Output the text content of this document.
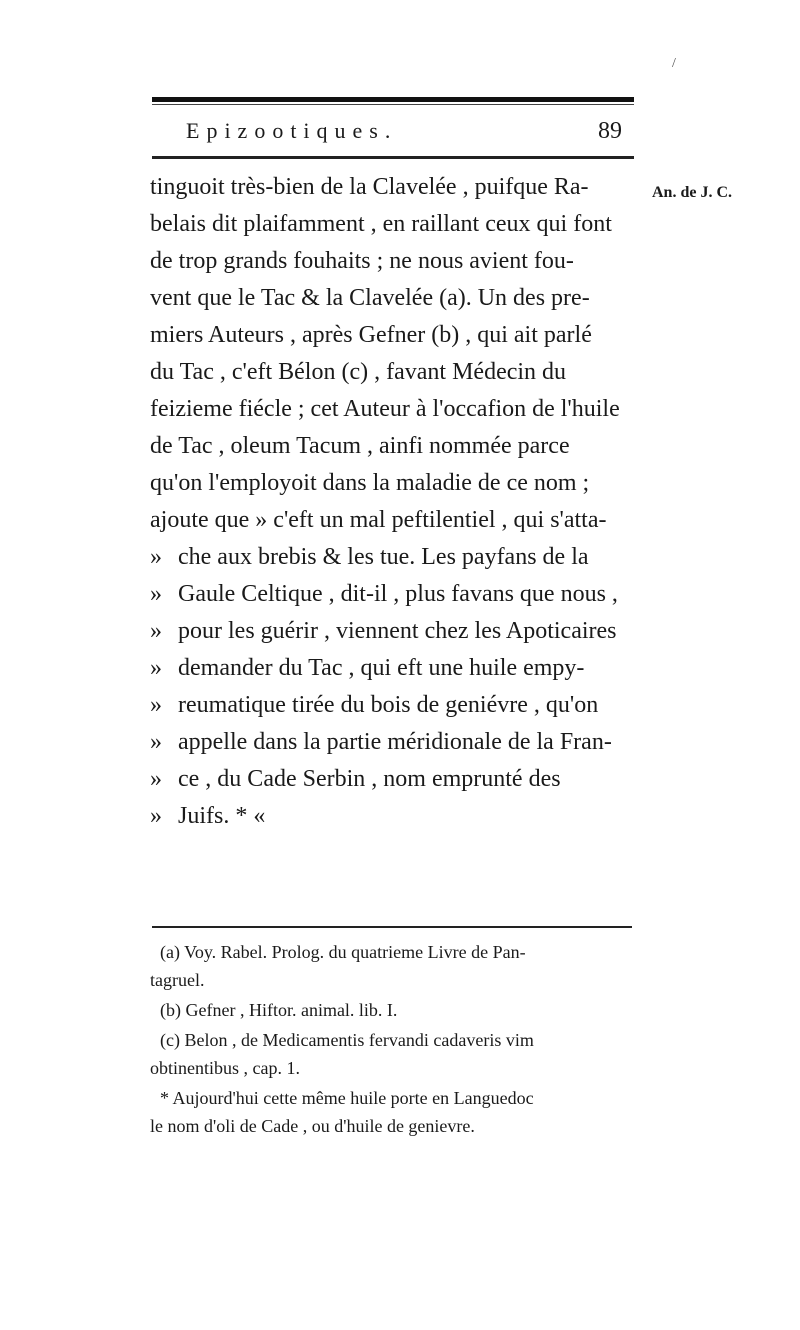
/
Epizootiques.	89
An. de J. C.
tinguoit très-bien de la Clavelée , puifque Ra-
belais dit plaifamment , en raillant ceux qui font
de trop grands fouhaits ; ne nous avient fou-
vent que le Tac & la Clavelée (a). Un des pre-
miers Auteurs , après Gefner (b) , qui ait parlé
du Tac , c'eft Bélon (c) , favant Médecin du
feizieme fiécle ; cet Auteur à l'occafion de l'huile
de Tac , oleum Tacum , ainfi nommée parce
qu'on l'employoit dans la maladie de ce nom ;
ajoute que » c'eft un mal peftilentiel , qui s'atta-
» che aux brebis & les tue. Les payfans de la
» Gaule Celtique , dit-il , plus favans que nous ,
» pour les guérir , viennent chez les Apoticaires
» demander du Tac , qui eft une huile empy-
» reumatique tirée du bois de geniévre , qu'on
» appelle dans la partie méridionale de la Fran-
» ce , du Cade Serbin , nom emprunté des
» Juifs. * «
(a) Voy. Rabel. Prolog. du quatrieme Livre de Pan-
tagruel.
(b) Gefner , Hiftor. animal. lib. I.
(c) Belon , de Medicamentis fervandi cadaveris vim
obtinentibus , cap. 1.
* Aujourd'hui cette même huile porte en Languedoc
le nom d'oli de Cade , ou d'huile de genievre.
